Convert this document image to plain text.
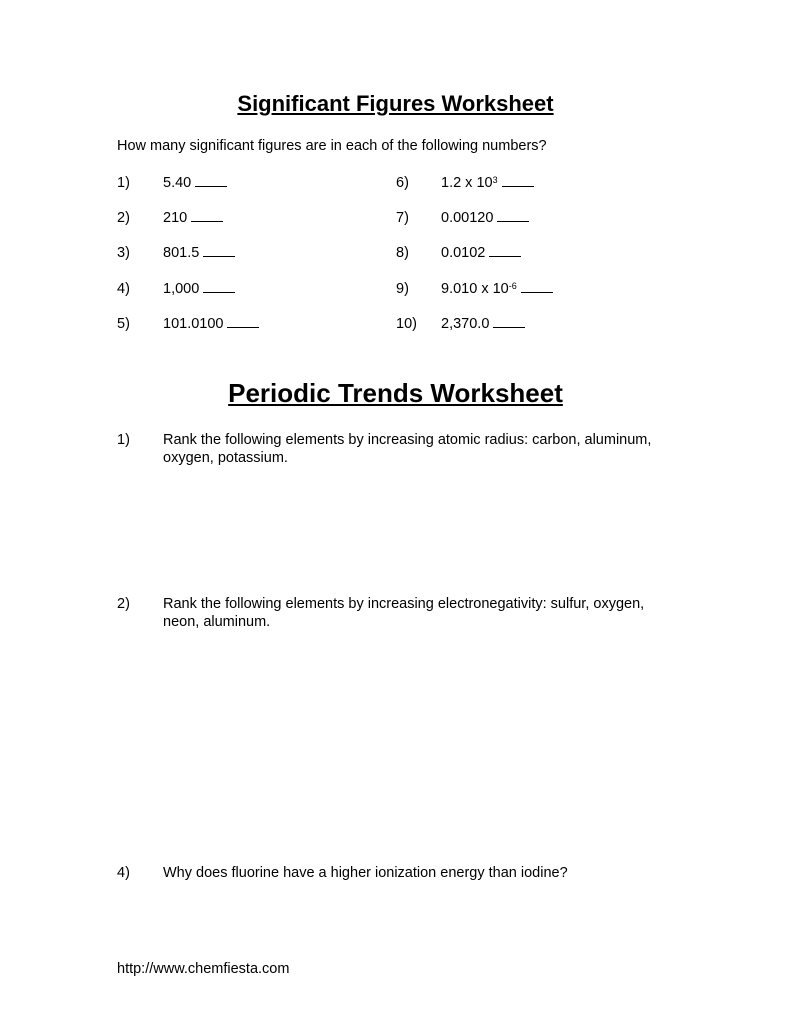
Significant Figures Worksheet
How many significant figures are in each of the following numbers?
1)	5.40
2)	210
3)	801.5
4)	1,000
5)	101.0100
6)	1.2 x $10^3$
7)	0.00120
8)	0.0102
9)	9.010 x $10^{-6}$
10)	2,370.0
Periodic Trends Worksheet
1)	Rank the following elements by increasing atomic radius: carbon, aluminum, oxygen, potassium.
2)	Rank the following elements by increasing electronegativity: sulfur, oxygen, neon, aluminum.
4)	Why does fluorine have a higher ionization energy than iodine?
http://www.chemfiesta.com
